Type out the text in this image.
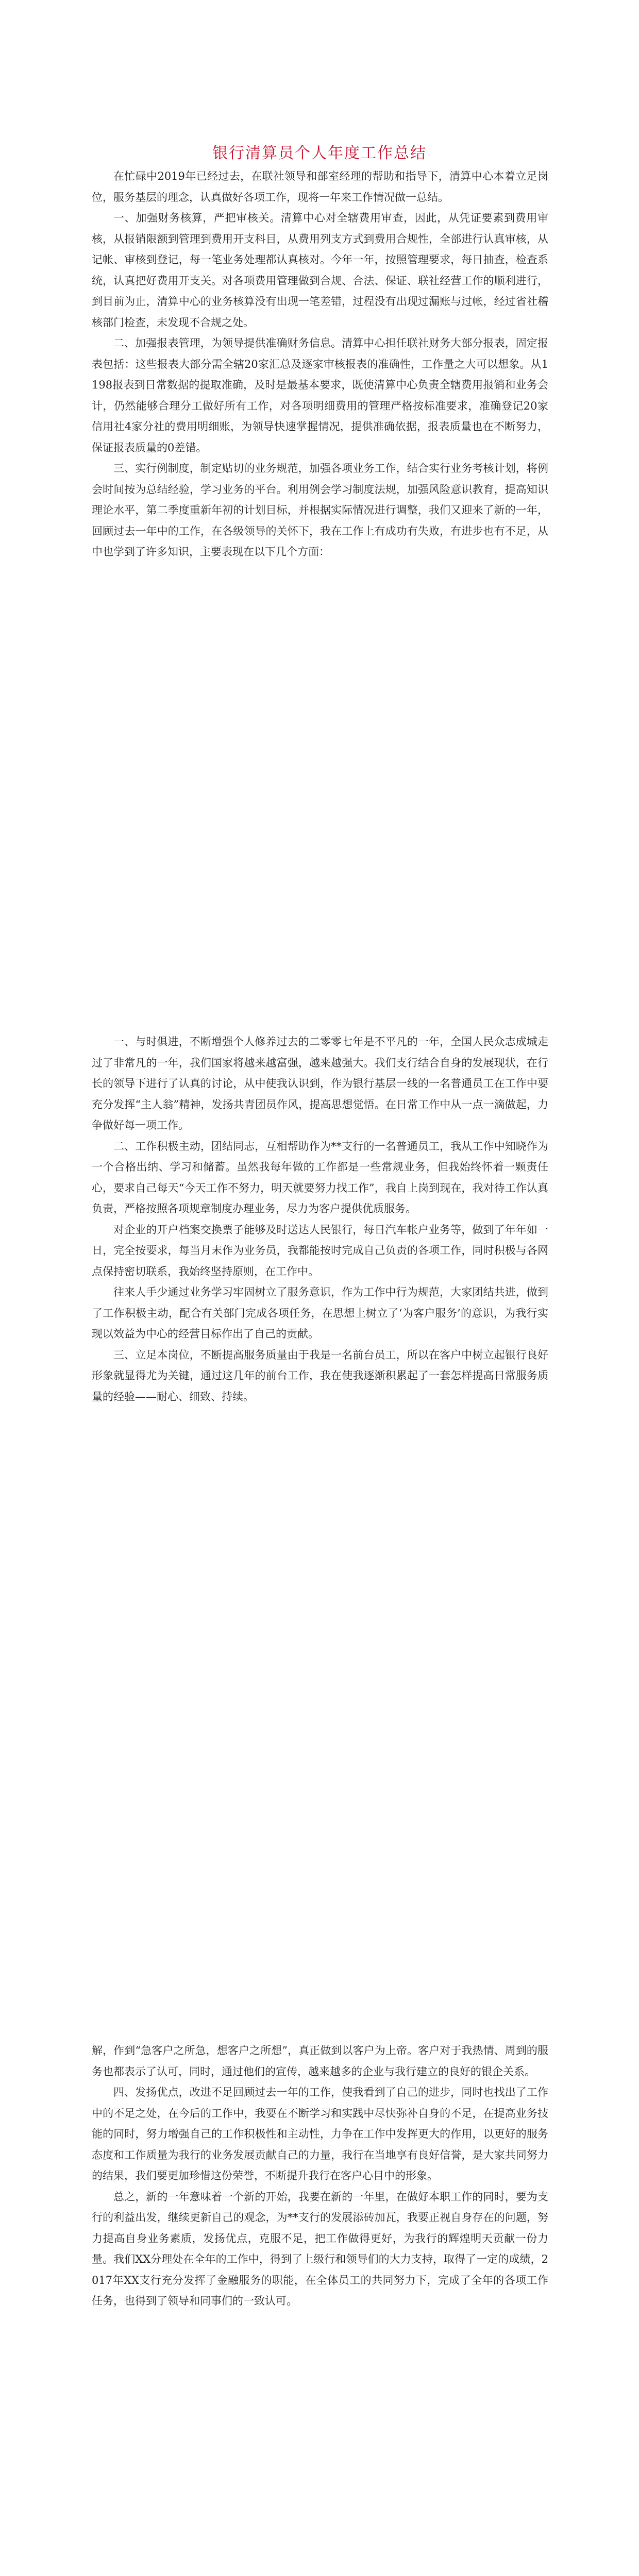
银行清算员个人年度工作总结

在忙碌中2019年已经过去，在联社领导和部室经理的帮助和指导下，清算中心本着立足岗位，服务基层的理念，认真做好各项工作，现将一年来工作情况做一总结。

一、加强财务核算，严把审核关。清算中心对全辖费用审查，因此，从凭证要素到费用审核，从报销限额到管理到费用开支科目，从费用列支方式到费用合规性，全部进行认真审核，从记帐、审核到登记，每一笔业务处理都认真核对。今年一年，按照管理要求，每日抽查，检查系统，认真把好费用开支关。对各项费用管理做到合规、合法、保证、联社经营工作的顺利进行，到目前为止，清算中心的业务核算没有出现一笔差错，过程没有出现过漏账与过帐，经过省社稽核部门检查，未发现不合规之处。

二、加强报表管理，为领导提供准确财务信息。清算中心担任联社财务大部分报表，固定报表包括：这些报表大部分需全辖20家汇总及逐家审核报表的准确性，工作量之大可以想象。从1198报表到日常数据的提取准确，及时是最基本要求，既使清算中心负责全辖费用报销和业务会计，仍然能够合理分工做好所有工作，对各项明细费用的管理严格按标准要求，准确登记20家信用社4家分社的费用明细账，为领导快速掌握情况，提供准确依据，报表质量也在不断努力，保证报表质量的0差错。

三、实行例制度，制定贴切的业务规范，加强各项业务工作，结合实行业务考核计划，将例会时间按为总结经验，学习业务的平台。利用例会学习制度法规，加强风险意识教育，提高知识理论水平，第二季度重新年初的计划目标，并根据实际情况进行调整，我们又迎来了新的一年，回顾过去一年中的工作，在各级领导的关怀下，我在工作上有成功有失败，有进步也有不足，从中也学到了许多知识，主要表现在以下几个方面：

一、与时俱进，不断增强个人修养过去的二零零七年是不平凡的一年，全国人民众志成城走过了非常凡的一年，我们国家将越来越富强，越来越强大。我们支行结合自身的发展现状，在行长的领导下进行了认真的讨论，从中使我认识到，作为银行基层一线的一名普通员工在工作中要充分发挥“主人翁”精神，发扬共青团员作风，提高思想觉悟。在日常工作中从一点一滴做起，力争做好每一项工作。

二、工作积极主动，团结同志，互相帮助作为**支行的一名普通员工，我从工作中知晓作为一个合格出纳、学习和储蓄。虽然我每年做的工作都是一些常规业务，但我始终怀着一颗责任心，要求自己每天“今天工作不努力，明天就要努力找工作”，我自上岗到现在，我对待工作认真负责，严格按照各项规章制度办理业务，尽力为客户提供优质服务。

对企业的开户档案交换票子能够及时送达人民银行，每日汽车帐户业务等，做到了年年如一日，完全按要求，每当月末作为业务员，我都能按时完成自己负责的各项工作，同时积极与各网点保持密切联系，我始终坚持原则，在工作中。

往来人手少通过业务学习牢固树立了服务意识，作为工作中行为规范，大家团结共进，做到了工作积极主动，配合有关部门完成各项任务，在思想上树立了‘为客户服务’的意识，为我行实现以效益为中心的经营目标作出了自己的贡献。

三、立足本岗位，不断提高服务质量由于我是一名前台员工，所以在客户中树立起银行良好形象就显得尤为关键，通过这几年的前台工作，我在使我逐渐积累起了一套怎样提高日常服务质量的经验——耐心、细致、持续。

解，作到“急客户之所急，想客户之所想”，真正做到以客户为上帝。客户对于我热情、周到的服务也都表示了认可，同时，通过他们的宣传，越来越多的企业与我行建立的良好的银企关系。

四、发扬优点，改进不足回顾过去一年的工作，使我看到了自己的进步，同时也找出了工作中的不足之处，在今后的工作中，我要在不断学习和实践中尽快弥补自身的不足，在提高业务技能的同时，努力增强自己的工作积极性和主动性，力争在工作中发挥更大的作用，以更好的服务态度和工作质量为我行的业务发展贡献自己的力量，我行在当地享有良好信誉，是大家共同努力的结果，我们要更加珍惜这份荣誉，不断提升我行在客户心目中的形象。

总之，新的一年意味着一个新的开始，我要在新的一年里，在做好本职工作的同时，要为支行的利益出发，继续更新自己的观念，为**支行的发展添砖加瓦，我要正视自身存在的问题，努力提高自身业务素质，发扬优点，克服不足，把工作做得更好，为我行的辉煌明天贡献一份力量。我们XX分理处在全年的工作中，得到了上级行和领导们的大力支持，取得了一定的成绩，2017年XX支行充分发挥了金融服务的职能，在全体员工的共同努力下，完成了全年的各项工作任务，也得到了领导和同事们的一致认可。
